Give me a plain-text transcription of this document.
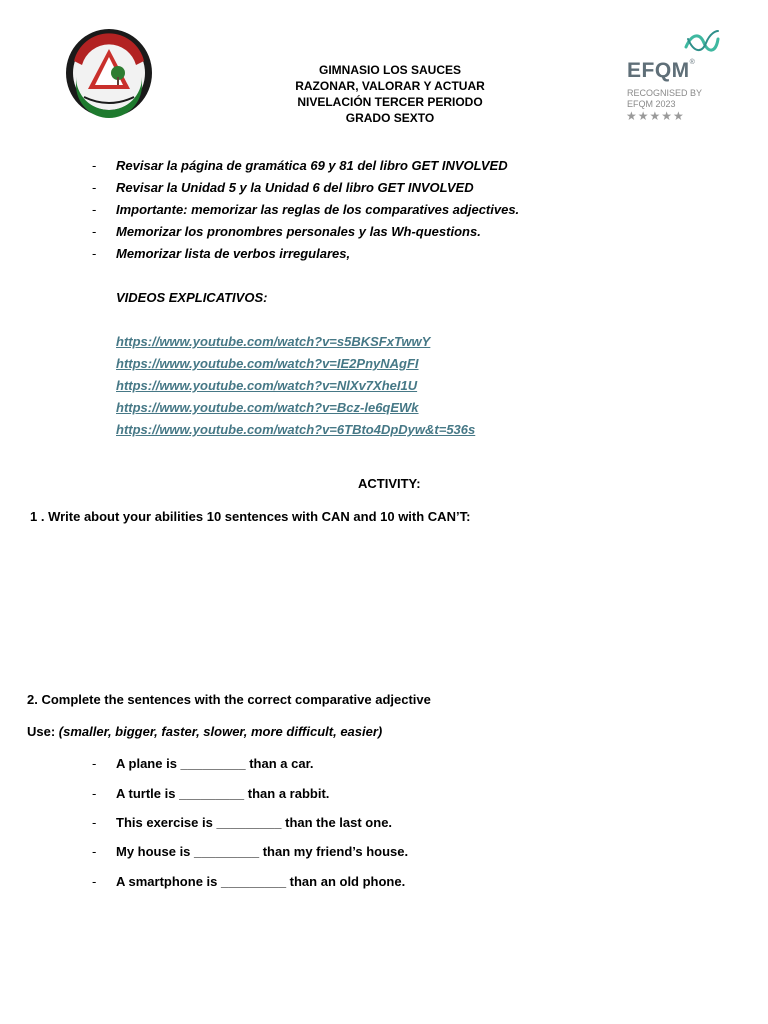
GIMNASIO LOS SAUCES
RAZONAR, VALORAR Y ACTUAR
NIVELACIÓN TERCER PERIODO
GRADO SEXTO
EFQM®
RECOGNISED BY
EFQM 2023
★★★★★
- Revisar la página de gramática 69 y 81 del libro GET INVOLVED
- Revisar la Unidad 5 y la Unidad 6 del libro GET INVOLVED
- Importante: memorizar las reglas de los comparatives adjectives.
- Memorizar los pronombres personales y las Wh-questions.
- Memorizar lista de verbos irregulares,
VIDEOS EXPLICATIVOS:
https://www.youtube.com/watch?v=s5BKSFxTwwY
https://www.youtube.com/watch?v=IE2PnyNAgFI
https://www.youtube.com/watch?v=NlXv7XheI1U
https://www.youtube.com/watch?v=Bcz-le6qEWk
https://www.youtube.com/watch?v=6TBto4DpDyw&t=536s
ACTIVITY:
1 . Write about your abilities 10 sentences with CAN and 10 with CAN’T:
2. Complete the sentences with the correct comparative adjective
Use: (smaller, bigger, faster, slower, more difficult, easier)
- A plane is _________ than a car.
- A turtle is _________ than a rabbit.
- This exercise is _________ than the last one.
- My house is _________ than my friend’s house.
- A smartphone is _________ than an old phone.
